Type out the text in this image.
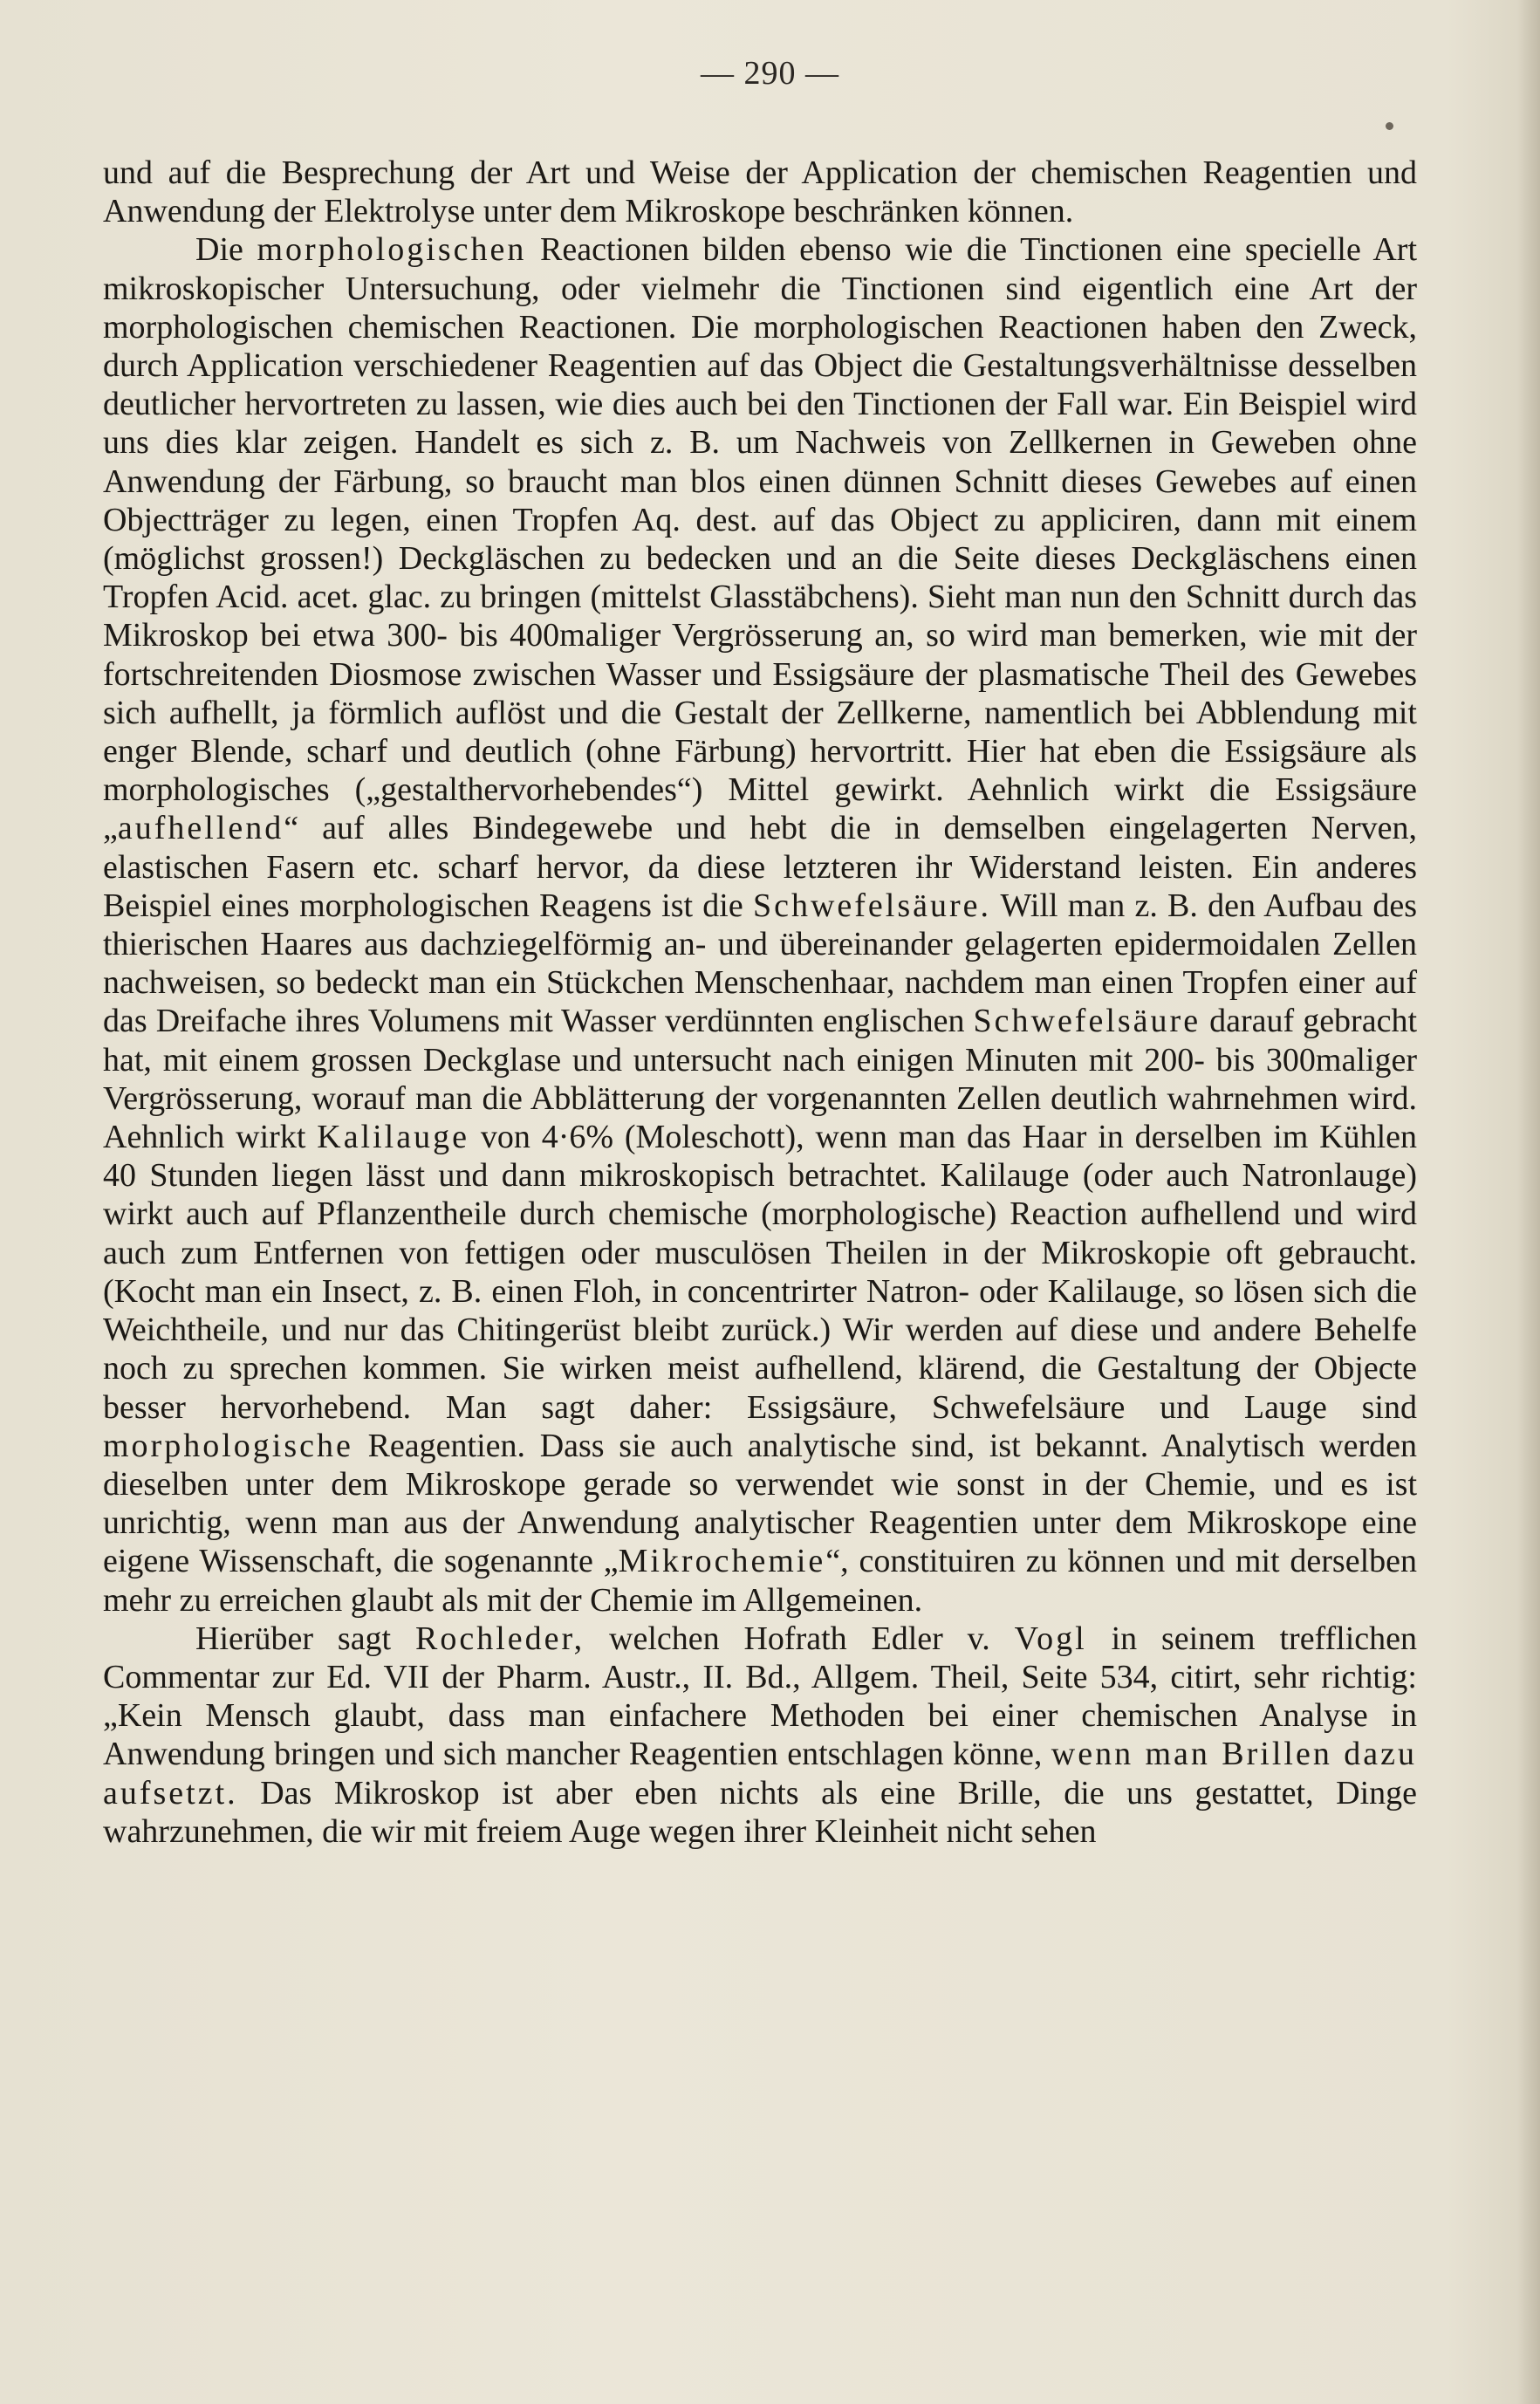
— 290 —

und auf die Besprechung der Art und Weise der Application der chemischen Reagentien und Anwendung der Elektrolyse unter dem Mikroskope beschränken können.

Die morphologischen Reactionen bilden ebenso wie die Tinctionen eine specielle Art mikroskopischer Untersuchung, oder vielmehr die Tinctionen sind eigentlich eine Art der morphologischen chemischen Reactionen. Die morphologischen Reactionen haben den Zweck, durch Application verschiedener Reagentien auf das Object die Gestaltungsverhältnisse desselben deutlicher hervortreten zu lassen, wie dies auch bei den Tinctionen der Fall war. Ein Beispiel wird uns dies klar zeigen. Handelt es sich z. B. um Nachweis von Zellkernen in Geweben ohne Anwendung der Färbung, so braucht man blos einen dünnen Schnitt dieses Gewebes auf einen Objectträger zu legen, einen Tropfen Aq. dest. auf das Object zu appliciren, dann mit einem (möglichst grossen!) Deckgläschen zu bedecken und an die Seite dieses Deckgläschens einen Tropfen Acid. acet. glac. zu bringen (mittelst Glasstäbchens). Sieht man nun den Schnitt durch das Mikroskop bei etwa 300- bis 400maliger Vergrösserung an, so wird man bemerken, wie mit der fortschreitenden Diosmose zwischen Wasser und Essigsäure der plasmatische Theil des Gewebes sich aufhellt, ja förmlich auflöst und die Gestalt der Zellkerne, namentlich bei Abblendung mit enger Blende, scharf und deutlich (ohne Färbung) hervortritt. Hier hat eben die Essigsäure als morphologisches („gestalthervorhebendes“) Mittel gewirkt. Aehnlich wirkt die Essigsäure „aufhellend“ auf alles Bindegewebe und hebt die in demselben eingelagerten Nerven, elastischen Fasern etc. scharf hervor, da diese letzteren ihr Widerstand leisten. Ein anderes Beispiel eines morphologischen Reagens ist die Schwefelsäure. Will man z. B. den Aufbau des thierischen Haares aus dachziegelförmig an- und übereinander gelagerten epidermoidalen Zellen nachweisen, so bedeckt man ein Stückchen Menschenhaar, nachdem man einen Tropfen einer auf das Dreifache ihres Volumens mit Wasser verdünnten englischen Schwefelsäure darauf gebracht hat, mit einem grossen Deckglase und untersucht nach einigen Minuten mit 200- bis 300maliger Vergrösserung, worauf man die Abblätterung der vorgenannten Zellen deutlich wahrnehmen wird. Aehnlich wirkt Kalilauge von 4·6% (Moleschott), wenn man das Haar in derselben im Kühlen 40 Stunden liegen lässt und dann mikroskopisch betrachtet. Kalilauge (oder auch Natronlauge) wirkt auch auf Pflanzentheile durch chemische (morphologische) Reaction aufhellend und wird auch zum Entfernen von fettigen oder musculösen Theilen in der Mikroskopie oft gebraucht. (Kocht man ein Insect, z. B. einen Floh, in concentrirter Natron- oder Kalilauge, so lösen sich die Weichtheile, und nur das Chitingerüst bleibt zurück.) Wir werden auf diese und andere Behelfe noch zu sprechen kommen. Sie wirken meist aufhellend, klärend, die Gestaltung der Objecte besser hervorhebend. Man sagt daher: Essigsäure, Schwefelsäure und Lauge sind morphologische Reagentien. Dass sie auch analytische sind, ist bekannt. Analytisch werden dieselben unter dem Mikroskope gerade so verwendet wie sonst in der Chemie, und es ist unrichtig, wenn man aus der Anwendung analytischer Reagentien unter dem Mikroskope eine eigene Wissenschaft, die sogenannte „Mikrochemie“, constituiren zu können und mit derselben mehr zu erreichen glaubt als mit der Chemie im Allgemeinen.

Hierüber sagt Rochleder, welchen Hofrath Edler v. Vogl in seinem trefflichen Commentar zur Ed. VII der Pharm. Austr., II. Bd., Allgem. Theil, Seite 534, citirt, sehr richtig: „Kein Mensch glaubt, dass man einfachere Methoden bei einer chemischen Analyse in Anwendung bringen und sich mancher Reagentien entschlagen könne, wenn man Brillen dazu aufsetzt. Das Mikroskop ist aber eben nichts als eine Brille, die uns gestattet, Dinge wahrzunehmen, die wir mit freiem Auge wegen ihrer Kleinheit nicht sehen
